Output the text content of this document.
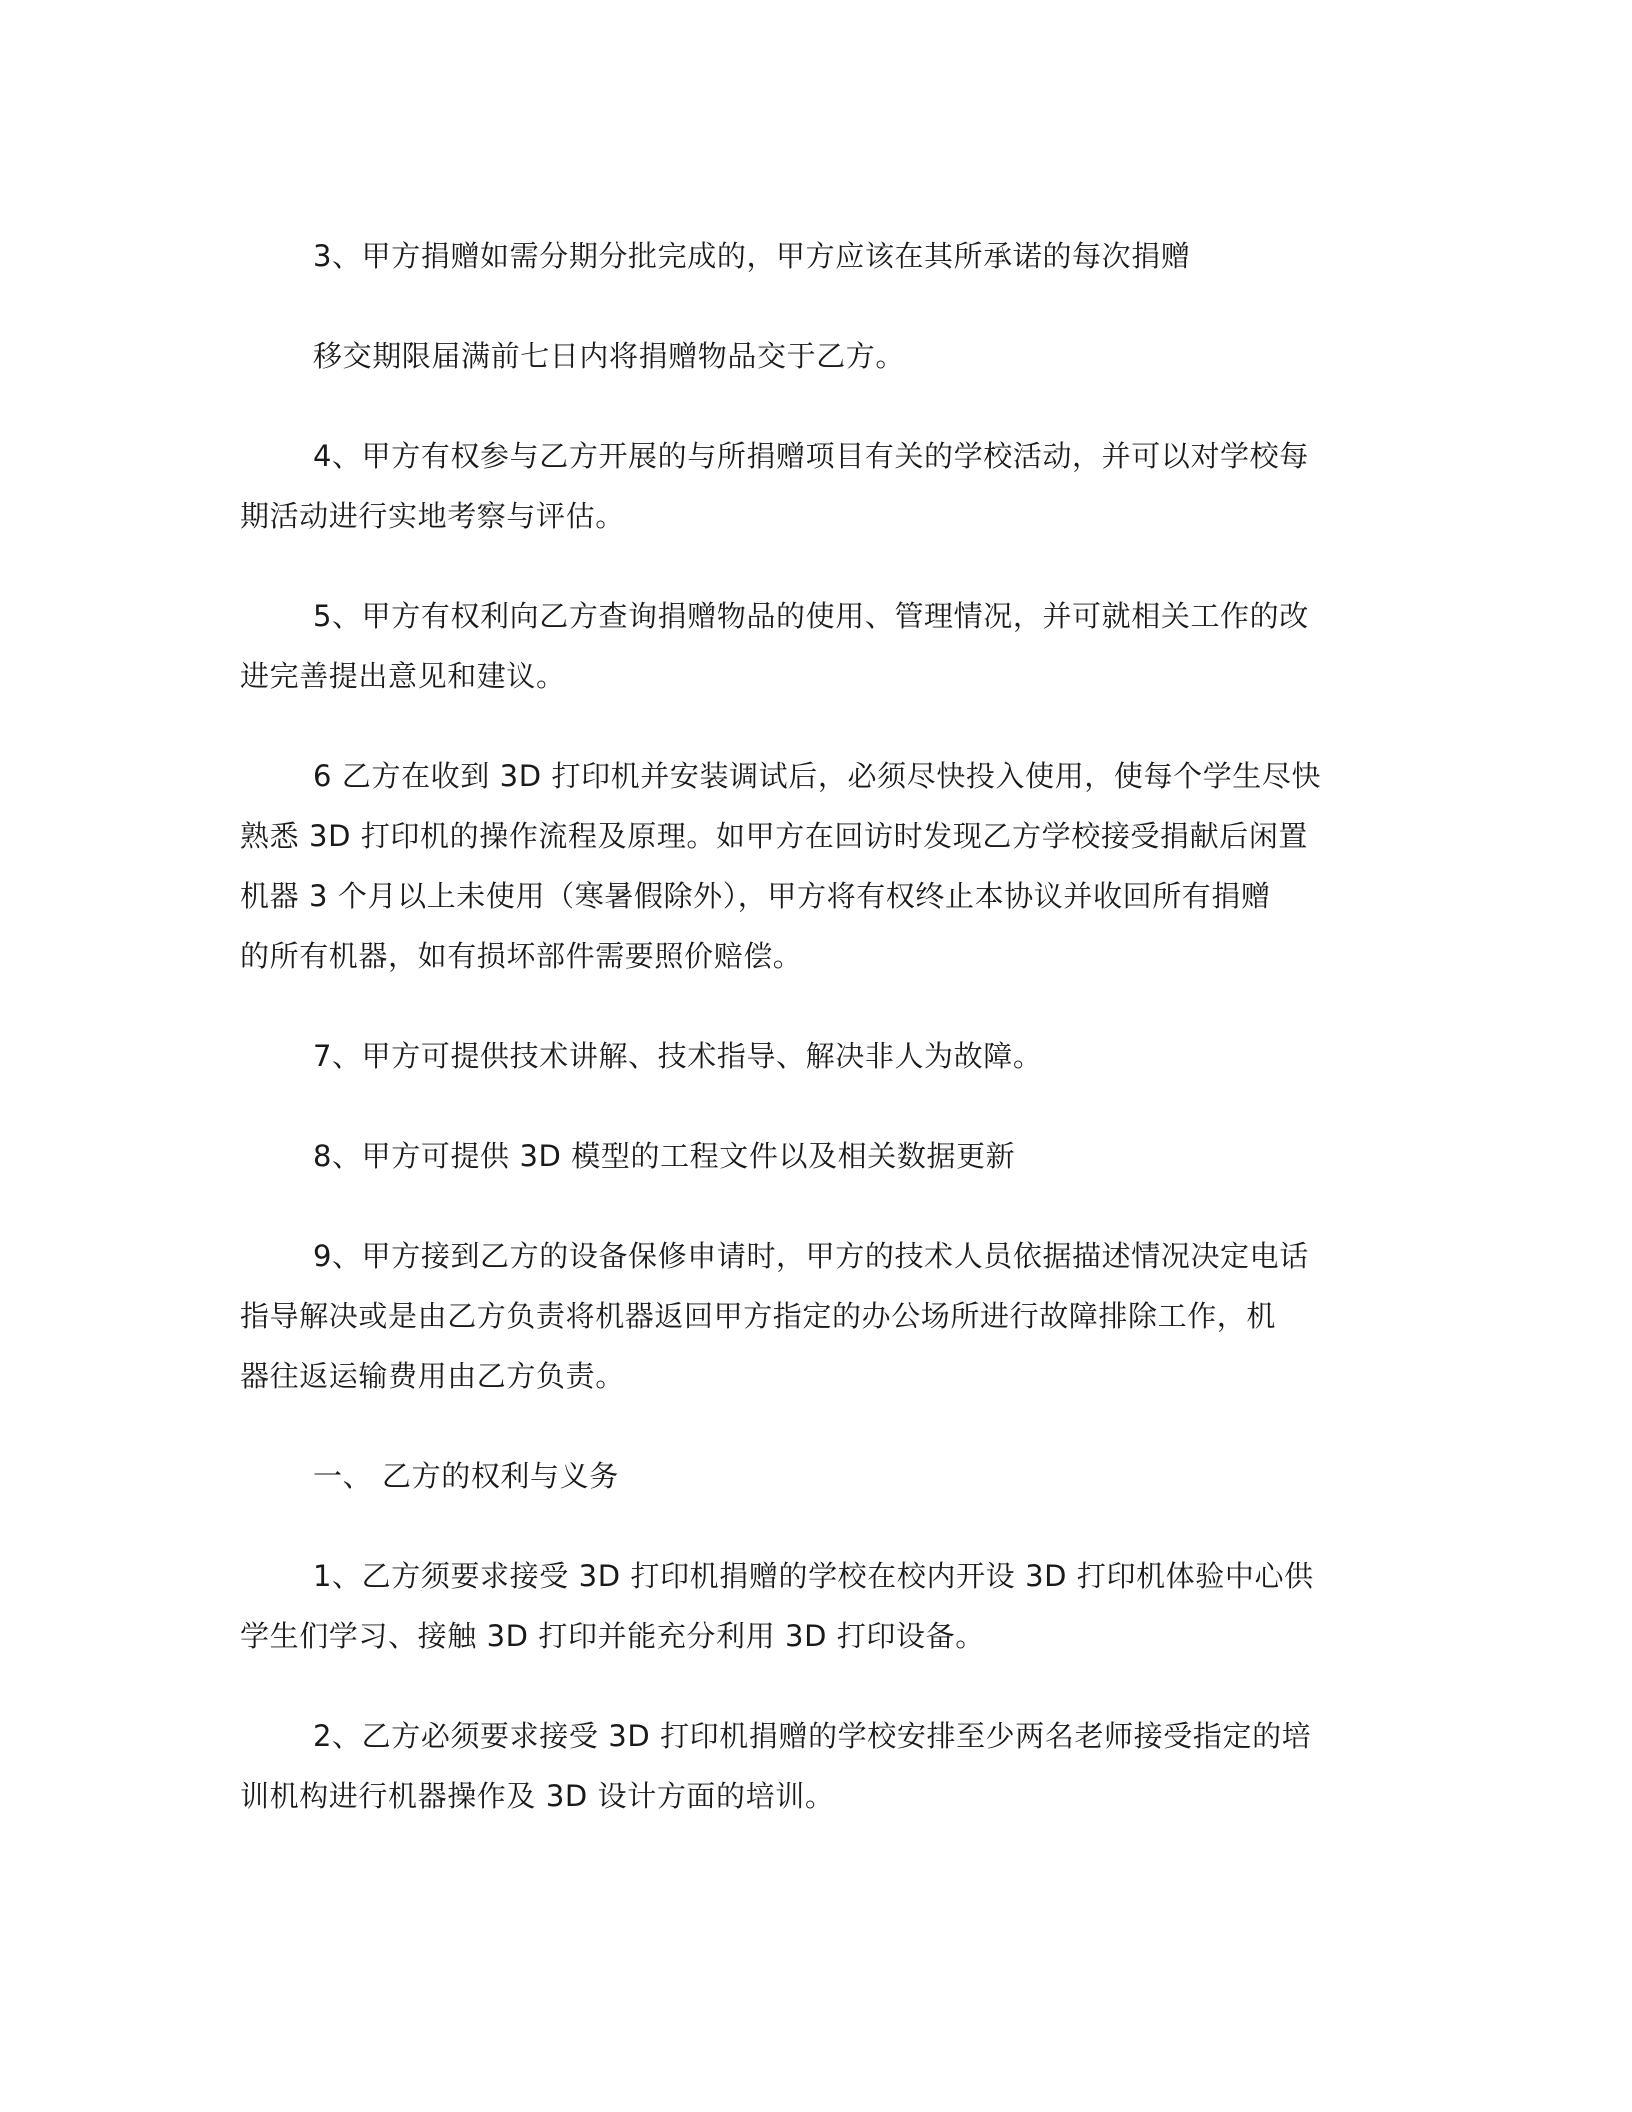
3、甲方捐赠如需分期分批完成的，甲方应该在其所承诺的每次捐赠
移交期限届满前七日内将捐赠物品交于乙方。
4、甲方有权参与乙方开展的与所捐赠项目有关的学校活动，并可以对学校每
期活动进行实地考察与评估。
5、甲方有权利向乙方查询捐赠物品的使用、管理情况，并可就相关工作的改
进完善提出意见和建议。
6 乙方在收到 3D 打印机并安装调试后，必须尽快投入使用，使每个学生尽快
熟悉 3D 打印机的操作流程及原理。如甲方在回访时发现乙方学校接受捐献后闲置
机器 3 个月以上未使用（寒暑假除外），甲方将有权终止本协议并收回所有捐赠
的所有机器，如有损坏部件需要照价赔偿。
7、甲方可提供技术讲解、技术指导、解决非人为故障。
8、甲方可提供 3D 模型的工程文件以及相关数据更新
9、甲方接到乙方的设备保修申请时，甲方的技术人员依据描述情况决定电话
指导解决或是由乙方负责将机器返回甲方指定的办公场所进行故障排除工作，机
器往返运输费用由乙方负责。
一、 乙方的权利与义务
1、乙方须要求接受 3D 打印机捐赠的学校在校内开设 3D 打印机体验中心供
学生们学习、接触 3D 打印并能充分利用 3D 打印设备。
2、乙方必须要求接受 3D 打印机捐赠的学校安排至少两名老师接受指定的培
训机构进行机器操作及 3D 设计方面的培训。
